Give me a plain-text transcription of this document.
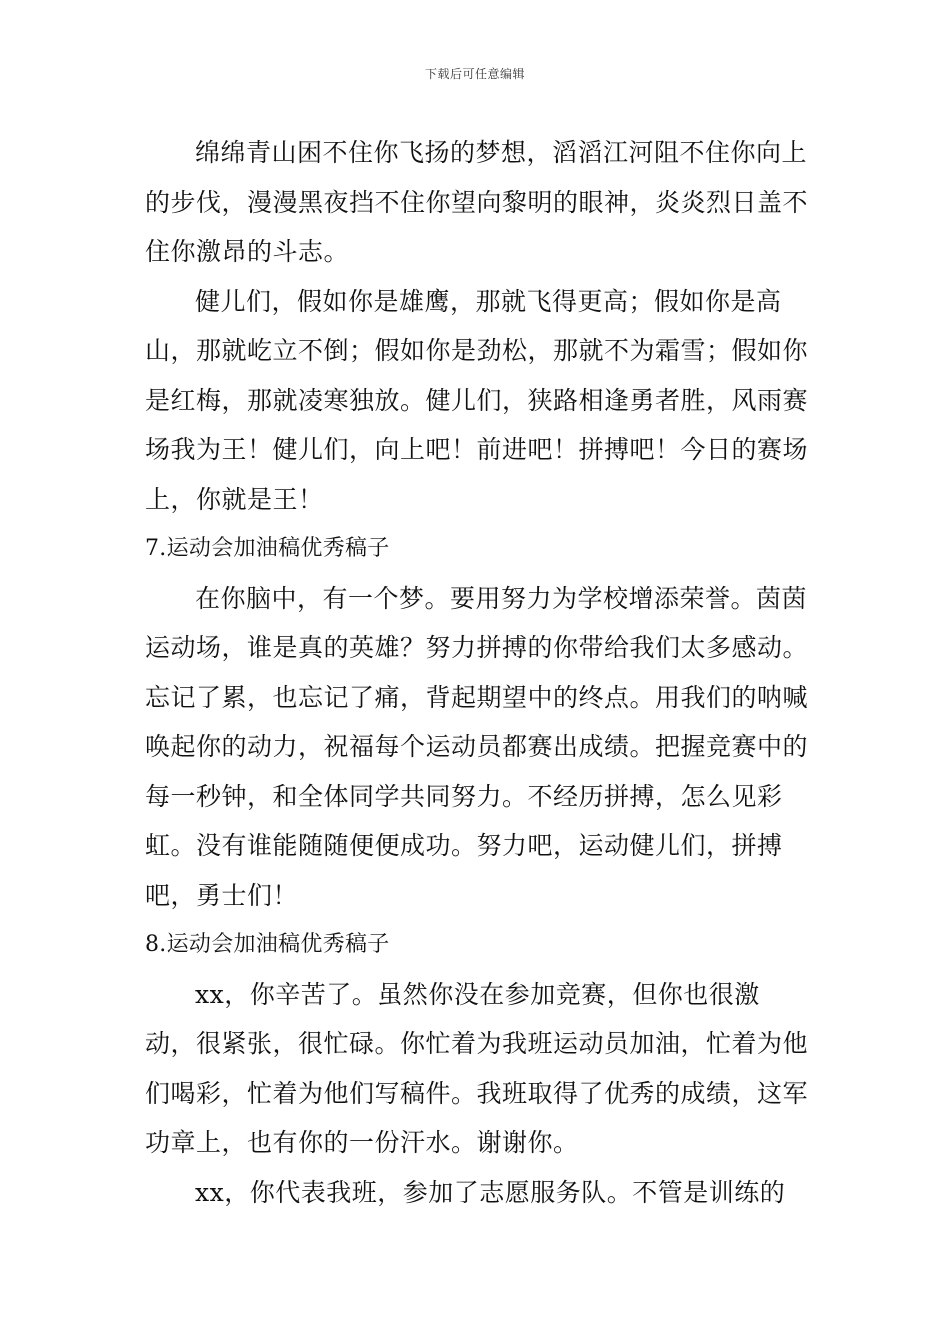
下载后可任意编辑

绵绵青山困不住你飞扬的梦想，滔滔江河阻不住你向上的步伐，漫漫黑夜挡不住你望向黎明的眼神，炎炎烈日盖不住你激昂的斗志。

健儿们，假如你是雄鹰，那就飞得更高；假如你是高山，那就屹立不倒；假如你是劲松，那就不为霜雪；假如你是红梅，那就凌寒独放。健儿们，狭路相逢勇者胜，风雨赛场我为王！健儿们，向上吧！前进吧！拼搏吧！今日的赛场上，你就是王！

7.运动会加油稿优秀稿子

在你脑中，有一个梦。要用努力为学校增添荣誉。茵茵运动场，谁是真的英雄？努力拼搏的你带给我们太多感动。忘记了累，也忘记了痛，背起期望中的终点。用我们的呐喊唤起你的动力，祝福每个运动员都赛出成绩。把握竞赛中的每一秒钟，和全体同学共同努力。不经历拼搏，怎么见彩虹。没有谁能随随便便成功。努力吧，运动健儿们，拼搏吧，勇士们！

8.运动会加油稿优秀稿子

xx，你辛苦了。虽然你没在参加竞赛，但你也很激动，很紧张，很忙碌。你忙着为我班运动员加油，忙着为他们喝彩，忙着为他们写稿件。我班取得了优秀的成绩，这军功章上，也有你的一份汗水。谢谢你。

xx，你代表我班，参加了志愿服务队。不管是训练的
